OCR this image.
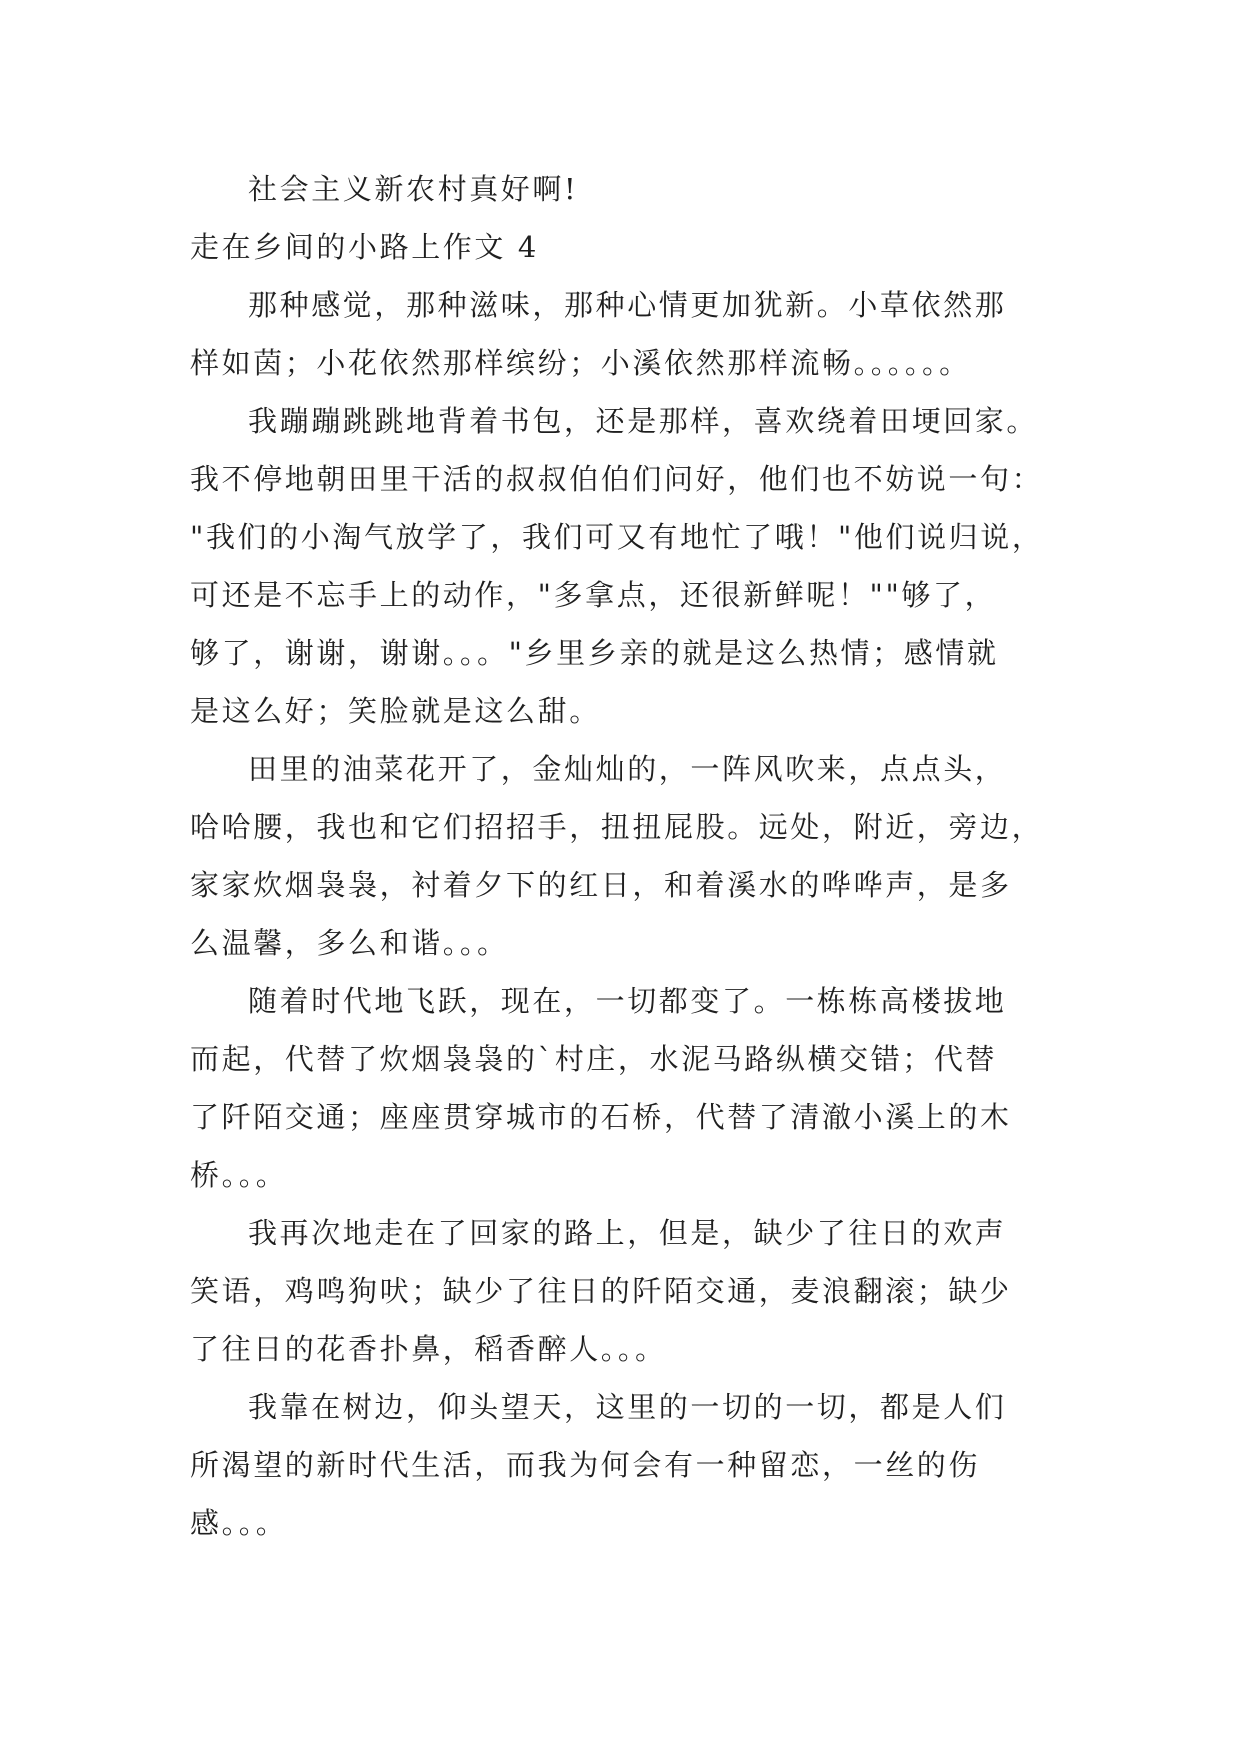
社会主义新农村真好啊!

走在乡间的小路上作文 4

那种感觉，那种滋味，那种心情更加犹新。小草依然那
样如茵；小花依然那样缤纷；小溪依然那样流畅。。。。。。

我蹦蹦跳跳地背着书包，还是那样，喜欢绕着田埂回家。
我不停地朝田里干活的叔叔伯伯们问好，他们也不妨说一句：
"我们的小淘气放学了，我们可又有地忙了哦！"他们说归说，
可还是不忘手上的动作，"多拿点，还很新鲜呢！""够了，
够了，谢谢，谢谢。。。"乡里乡亲的就是这么热情；感情就
是这么好；笑脸就是这么甜。

田里的油菜花开了，金灿灿的，一阵风吹来，点点头，
哈哈腰，我也和它们招招手，扭扭屁股。远处，附近，旁边，
家家炊烟袅袅，衬着夕下的红日，和着溪水的哗哗声，是多
么温馨，多么和谐。。。

随着时代地飞跃，现在，一切都变了。一栋栋高楼拔地
而起，代替了炊烟袅袅的`村庄，水泥马路纵横交错；代替
了阡陌交通；座座贯穿城市的石桥，代替了清澈小溪上的木
桥。。。

我再次地走在了回家的路上，但是，缺少了往日的欢声
笑语，鸡鸣狗吠；缺少了往日的阡陌交通，麦浪翻滚；缺少
了往日的花香扑鼻，稻香醉人。。。

我靠在树边，仰头望天，这里的一切的一切，都是人们
所渴望的新时代生活，而我为何会有一种留恋，一丝的伤
感。。。
